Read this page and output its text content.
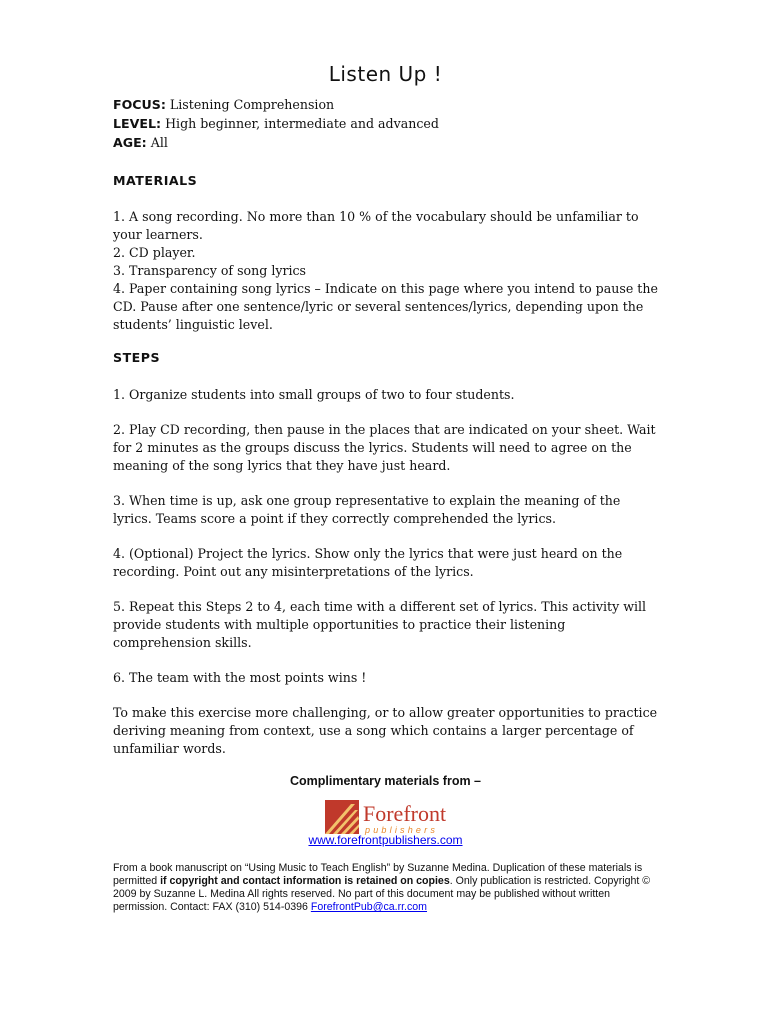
Listen Up !
FOCUS: Listening Comprehension
LEVEL: High beginner, intermediate and advanced
AGE: All
MATERIALS

1. A song recording. No more than 10 % of the vocabulary should be unfamiliar to your learners.

2. CD player.

3. Transparency of song lyrics

4. Paper containing song lyrics – Indicate on this page where you intend to pause the CD. Pause after one sentence/lyric or several sentences/lyrics, depending upon the students’ linguistic level.

STEPS
1. Organize students into small groups of two to four students.
2. Play CD recording, then pause in the places that are indicated on your sheet. Wait for 2 minutes as the groups discuss the lyrics. Students will need to agree on the meaning of the song lyrics that they have just heard.
3. When time is up, ask one group representative to explain the meaning of the lyrics. Teams score a point if they correctly comprehended the lyrics.
4. (Optional) Project the lyrics. Show only the lyrics that were just heard on the recording. Point out any misinterpretations of the lyrics.
5. Repeat this Steps 2 to 4, each time with a different set of lyrics. This activity will provide students with multiple opportunities to practice their listening comprehension skills.
6. The team with the most points wins !
To make this exercise more challenging, or to allow greater opportunities to practice deriving meaning from context, use a song which contains a larger percentage of unfamiliar words.
Complimentary materials from –
Forefront
publishers
www.forefrontpublishers.com
From a book manuscript on “Using Music to Teach English” by Suzanne Medina. Duplication of these materials is permitted if copyright and contact information is retained on copies. Only publication is restricted. Copyright © 2009 by Suzanne L. Medina All rights reserved. No part of this document may be published without written permission. Contact: FAX (310) 514-0396 ForefrontPub@ca.rr.com
